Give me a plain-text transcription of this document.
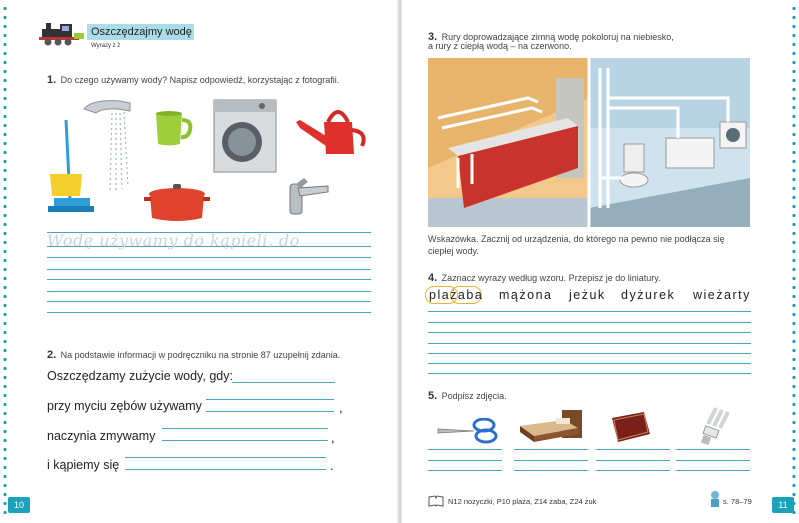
Oszczędzajmy wodę
Wyrazy z ż
1. Do czego używamy wody? Napisz odpowiedź, korzystając z fotografii.
Wodę używamy do kąpieli, do
2. Na podstawie informacji w podręczniku na stronie 87 uzupełnij zdania.
Oszczędzamy zużycie wody, gdy:
przy myciu zębów używamy	,
naczynia zmywamy	,
i kąpiemy się	.
10
3. Rury doprowadzające zimną wodę pokoloruj na niebiesko,
a rury z ciepłą wodą – na czerwono.
Wskazówka. Zacznij od urządzenia, do którego na pewno nie podłącza się
ciepłej wody.
4. Zaznacz wyrazy według wzoru. Przepisz je do liniatury.
plażaba mążona jeżuk dyżurek wieżarty
5. Podpisz zdjęcia.
N12 nożyczki, P10 plaża, Z14 żaba, Z24 żuk	s. 78–79	11
